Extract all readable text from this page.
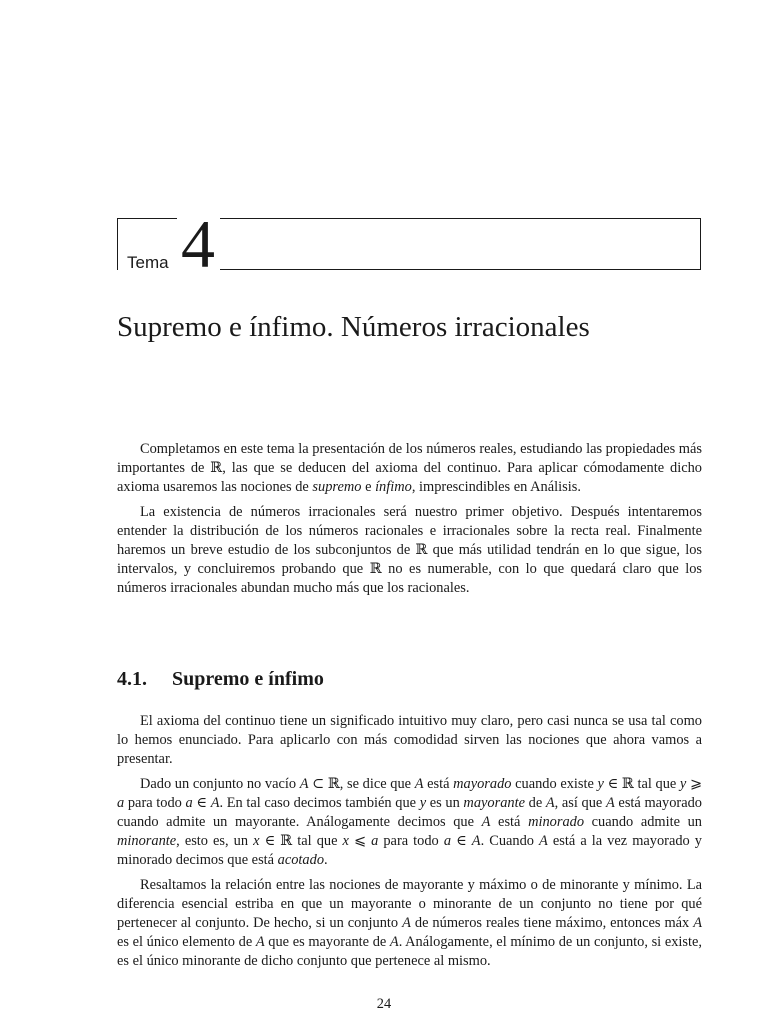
Tema 4
Supremo e ínfimo. Números irracionales

Completamos en este tema la presentación de los números reales, estudiando las propiedades más importantes de ℝ, las que se deducen del axioma del continuo. Para aplicar cómodamente dicho axioma usaremos las nociones de supremo e ínfimo, imprescindibles en Análisis.

La existencia de números irracionales será nuestro primer objetivo. Después intentaremos entender la distribución de los números racionales e irracionales sobre la recta real. Finalmente haremos un breve estudio de los subconjuntos de ℝ que más utilidad tendrán en lo que sigue, los intervalos, y concluiremos probando que ℝ no es numerable, con lo que quedará claro que los números irracionales abundan mucho más que los racionales.

4.1. Supremo e ínfimo

El axioma del continuo tiene un significado intuitivo muy claro, pero casi nunca se usa tal como lo hemos enunciado. Para aplicarlo con más comodidad sirven las nociones que ahora vamos a presentar.

Dado un conjunto no vacío A ⊂ ℝ, se dice que A está mayorado cuando existe y ∈ ℝ tal que y ⩾ a para todo a ∈ A. En tal caso decimos también que y es un mayorante de A, así que A está mayorado cuando admite un mayorante. Análogamente decimos que A está minorado cuando admite un minorante, esto es, un x ∈ ℝ tal que x ⩽ a para todo a ∈ A. Cuando A está a la vez mayorado y minorado decimos que está acotado.

Resaltamos la relación entre las nociones de mayorante y máximo o de minorante y mínimo. La diferencia esencial estriba en que un mayorante o minorante de un conjunto no tiene por qué pertenecer al conjunto. De hecho, si un conjunto A de números reales tiene máximo, entonces máx A es el único elemento de A que es mayorante de A. Análogamente, el mínimo de un conjunto, si existe, es el único minorante de dicho conjunto que pertenece al mismo.

24
